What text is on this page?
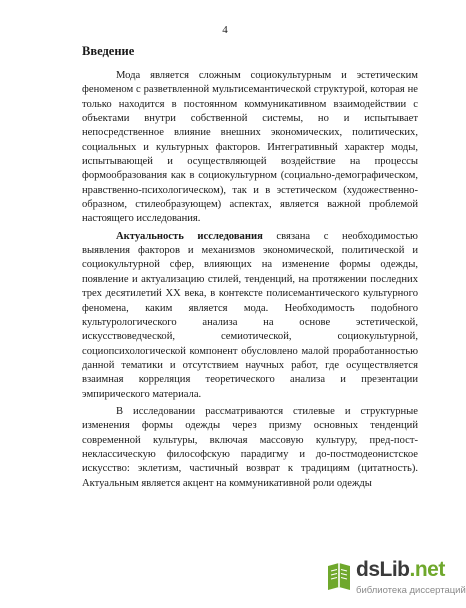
4
Введение

Мода является сложным социокультурным и эстетическим феноменом с разветвленной мультисемантической структурой, которая не только находится в постоянном коммуникативном взаимодействии с объектами внутри собственной системы, но и испытывает непосредственное влияние внешних экономических, политических, социальных и культурных факторов. Интегративный характер моды, испытывающей и осуществляющей воздействие на процессы формообразования как в социокультурном (социально-демографическом, нравственно-психологическом), так и в эстетическом (художественно-образном, стилеобразующем) аспектах, является важной проблемой настоящего исследования.

Актуальность исследования связана с необходимостью выявления факторов и механизмов экономической, политической и социокультурной сфер, влияющих на изменение формы одежды, появление и актуализацию стилей, тенденций, на протяжении последних трех десятилетий XX века, в контексте полисемантического культурного феномена, каким является мода. Необходимость подобного культурологического анализа на основе эстетической, искусствоведческой, семиотической, социокультурной, социопсихологической компонент обусловлено малой проработанностью данной тематики и отсутствием научных работ, где осуществляется взаимная корреляция теоретического анализа и презентации эмпирического материала.

В исследовании рассматриваются стилевые и структурные изменения формы одежды через призму основных тенденций современной культуры, включая массовую культуру, пред-пост-неклассическую философскую парадигму и до-постмодеонистское искусство: эклетизм, частичный возврат к традициям (цитатность). Актуальным является акцент на коммуникативной роли одежды

dsLib.net
библиотека диссертаций
